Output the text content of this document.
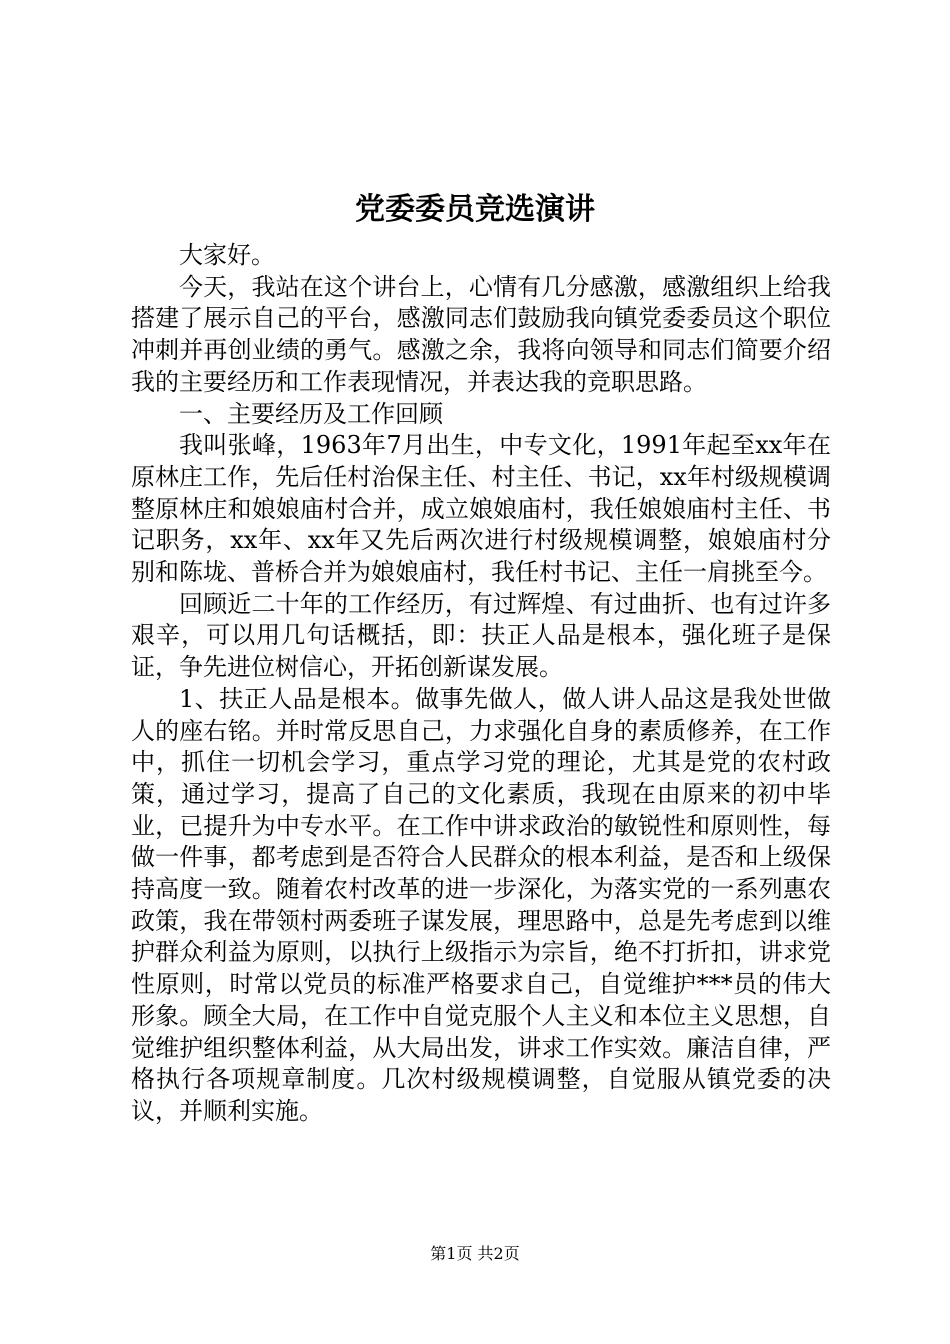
党委委员竞选演讲

大家好。

今天，我站在这个讲台上，心情有几分感激，感激组织上给我搭建了展示自己的平台，感激同志们鼓励我向镇党委委员这个职位冲刺并再创业绩的勇气。感激之余，我将向领导和同志们简要介绍我的主要经历和工作表现情况，并表达我的竞职思路。

一、主要经历及工作回顾

我叫张峰，1963年7月出生，中专文化，1991年起至xx年在原林庄工作，先后任村治保主任、村主任、书记，xx年村级规模调整原林庄和娘娘庙村合并，成立娘娘庙村，我任娘娘庙村主任、书记职务，xx年、xx年又先后两次进行村级规模调整，娘娘庙村分别和陈垅、普桥合并为娘娘庙村，我任村书记、主任一肩挑至今。

回顾近二十年的工作经历，有过辉煌、有过曲折、也有过许多艰辛，可以用几句话概括，即：扶正人品是根本，强化班子是保证，争先进位树信心，开拓创新谋发展。

1、扶正人品是根本。做事先做人，做人讲人品这是我处世做人的座右铭。并时常反思自己，力求强化自身的素质修养，在工作中，抓住一切机会学习，重点学习党的理论，尤其是党的农村政策，通过学习，提高了自己的文化素质，我现在由原来的初中毕业，已提升为中专水平。在工作中讲求政治的敏锐性和原则性，每做一件事，都考虑到是否符合人民群众的根本利益，是否和上级保持高度一致。随着农村改革的进一步深化，为落实党的一系列惠农政策，我在带领村两委班子谋发展，理思路中，总是先考虑到以维护群众利益为原则，以执行上级指示为宗旨，绝不打折扣，讲求党性原则，时常以党员的标准严格要求自己，自觉维护***员的伟大形象。顾全大局，在工作中自觉克服个人主义和本位主义思想，自觉维护组织整体利益，从大局出发，讲求工作实效。廉洁自律，严格执行各项规章制度。几次村级规模调整，自觉服从镇党委的决议，并顺利实施。

第1页 共2页
